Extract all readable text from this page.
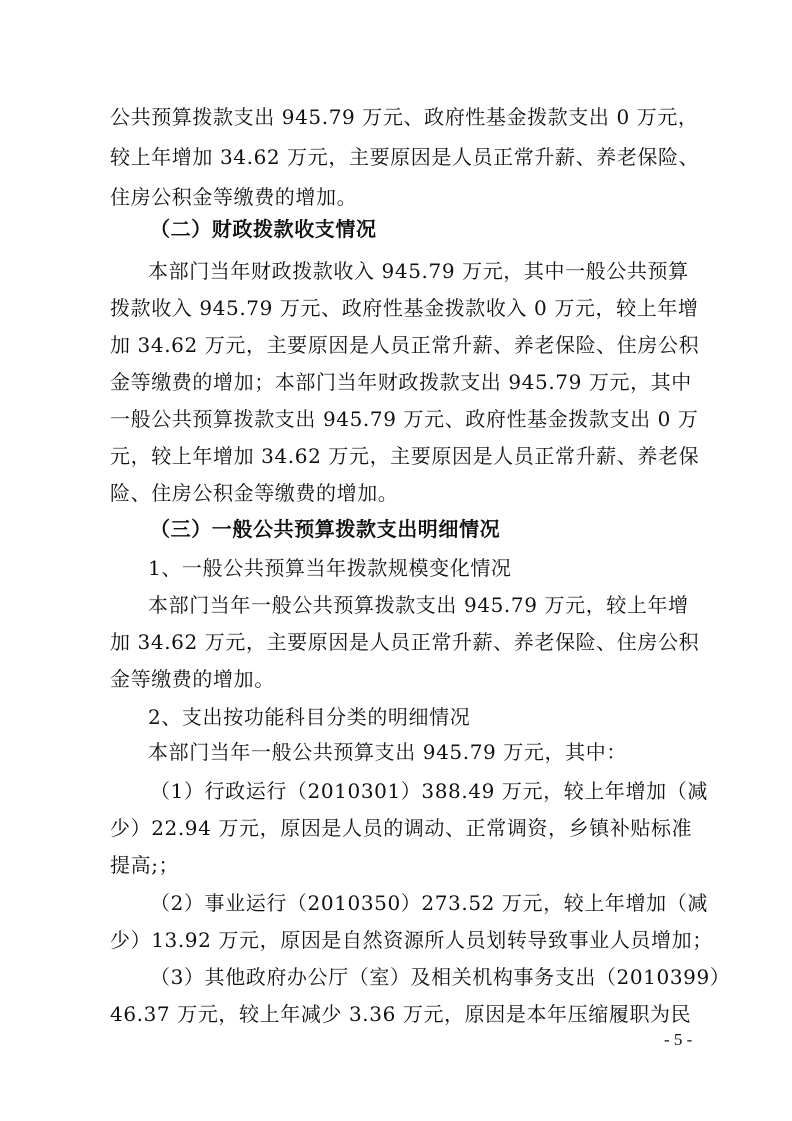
公共预算拨款支出 945.79 万元、政府性基金拨款支出 0 万元，
较上年增加 34.62 万元，主要原因是人员正常升薪、养老保险、
住房公积金等缴费的增加。
（二）财政拨款收支情况
本部门当年财政拨款收入 945.79 万元，其中一般公共预算
拨款收入 945.79 万元、政府性基金拨款收入 0 万元，较上年增
加 34.62 万元，主要原因是人员正常升薪、养老保险、住房公积
金等缴费的增加；本部门当年财政拨款支出 945.79 万元，其中
一般公共预算拨款支出 945.79 万元、政府性基金拨款支出 0 万
元，较上年增加 34.62 万元，主要原因是人员正常升薪、养老保
险、住房公积金等缴费的增加。
（三）一般公共预算拨款支出明细情况
1、一般公共预算当年拨款规模变化情况
本部门当年一般公共预算拨款支出 945.79 万元，较上年增
加 34.62 万元，主要原因是人员正常升薪、养老保险、住房公积
金等缴费的增加。
2、支出按功能科目分类的明细情况
本部门当年一般公共预算支出 945.79 万元，其中：
（1）行政运行（2010301）388.49 万元，较上年增加（减
少）22.94 万元，原因是人员的调动、正常调资，乡镇补贴标准
提高;；
（2）事业运行（2010350）273.52 万元，较上年增加（减
少）13.92 万元，原因是自然资源所人员划转导致事业人员增加；
（3）其他政府办公厅（室）及相关机构事务支出（2010399）
46.37 万元，较上年减少 3.36 万元，原因是本年压缩履职为民
- 5 -
